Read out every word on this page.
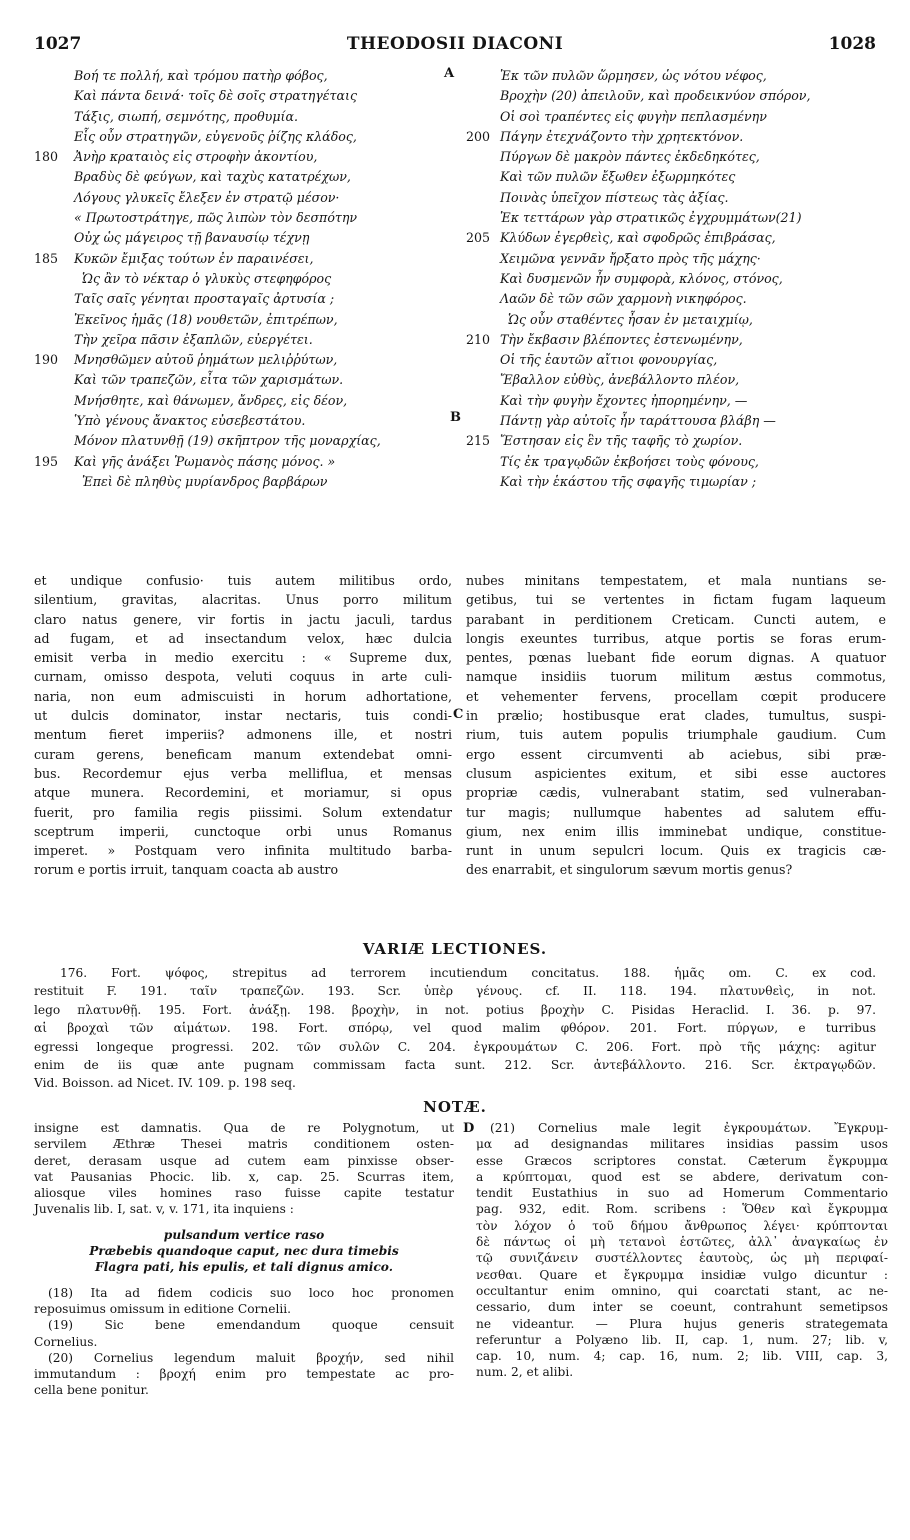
1027	THEODOSII DIACONI	1028
Βοή τε πολλή, καὶ τρόμου πατὴρ φόβος,
Καὶ πάντα δεινά· τοῖς δὲ σοῖς στρατηγέταις
Τάξις, σιωπή, σεμνότης, προθυμία.
Εἷς οὖν στρατηγῶν, εὐγενοῦς ῥίζης κλάδος,
180	Ἀνὴρ κραταιὸς εἰς στροφὴν ἀκοντίου,
Βραδὺς δὲ φεύγων, καὶ ταχὺς κατατρέχων,
Λόγους γλυκεῖς ἔλεξεν ἐν στρατῷ μέσον·
« Πρωτοστράτηγε, πῶς λιπὼν τὸν δεσπότην
Οὐχ ὡς μάγειρος τῇ βαναυσίῳ τέχνῃ
185	Κυκῶν ἔμιξας τούτων ἐν παραινέσει,
Ὡς ἂν τὸ νέκταρ ὁ γλυκὺς στεφηφόρος
Ταῖς σαῖς γένηται προσταγαῖς ἀρτυσία ;
Ἐκεῖνος ἡμᾶς (18) νουθετῶν, ἐπιτρέπων,
Τὴν χεῖρα πᾶσιν ἐξαπλῶν, εὐεργέτει.
190	Μνησθῶμεν αὐτοῦ ῥημάτων μελιῤῥύτων,
Καὶ τῶν τραπεζῶν, εἶτα τῶν χαρισμάτων.
Μνήσθητε, καὶ θάνωμεν, ἄνδρες, εἰς δέον,
Ὑπὸ γένους ἄνακτος εὐσεβεστάτου.
Μόνον πλατυνθῇ (19) σκῆπτρον τῆς μοναρχίας,
195	Καὶ γῆς ἀνάξει Ῥωμανὸς πάσης μόνος. »
Ἐπεὶ δὲ πληθὺς μυρίανδρος βαρβάρων
Ἐκ τῶν πυλῶν ὥρμησεν, ὡς νότου νέφος,
Βροχὴν (20) ἀπειλοῦν, καὶ προδεικνύον σπόρον,
Οἱ σοὶ τραπέντες εἰς φυγὴν πεπλασμένην
200 Πάγην ἐτεχνάζοντο τὴν χρητεκτόνον.
Πύργων δὲ μακρὸν πάντες ἐκδεδηκότες,
Καὶ τῶν πυλῶν ἔξωθεν ἐξωρμηκότες
Ποινὰς ὑπεῖχον πίστεως τὰς ἀξίας.
Ἐκ τεττάρων γὰρ στρατικῶς ἐγχρυμμάτων(21)
205 Κλύδων ἐγερθεὶς, καὶ σφοδρῶς ἐπιβράσας,
Χειμῶνα γεννᾶν ἤρξατο πρὸς τῆς μάχης·
Καὶ δυσμενῶν ἦν συμφορὰ, κλόνος, στόνος,
Λαῶν δὲ τῶν σῶν χαρμονὴ νικηφόρος.
Ὡς οὖν σταθέντες ἦσαν ἐν μεταιχμίῳ,
210 Τὴν ἔκβασιν βλέποντες ἐστενωμένην,
Οἱ τῆς ἑαυτῶν αἴτιοι φονουργίας,
Ἔβαλλον εὐθὺς, ἀνεβάλλοντο πλέον,
Καὶ τὴν φυγὴν ἔχοντες ἠπορημένην, —
Πάντῃ γὰρ αὐτοῖς ἦν ταράττουσα βλάβη —
215 Ἔστησαν εἰς ἓν τῆς ταφῆς τὸ χωρίον.
Τίς ἐκ τραγῳδῶν ἐκβοήσει τοὺς φόνους,
Καὶ τὴν ἑκάστου τῆς σφαγῆς τιμωρίαν ;
A
B
C
D
et undique confusio· tuis autem militibus ordo,
silentium, gravitas, alacritas. Unus porro militum
claro natus genere, vir fortis in jactu jaculi, tardus
ad fugam, et ad insectandum velox, hæc dulcia
emisit verba in medio exercitu : « Supreme dux,
curnam, omisso despota, veluti coquus in arte culi-
naria, non eum admiscuisti in horum adhortatione,
ut dulcis dominator, instar nectaris, tuis condi-
mentum fieret imperiis? admonens ille, et nostri
curam gerens, beneficam manum extendebat omni-
bus. Recordemur ejus verba melliflua, et mensas
atque munera. Recordemini, et moriamur, si opus
fuerit, pro familia regis piissimi. Solum extendatur
sceptrum imperii, cunctoque orbi unus Romanus
imperet. » Postquam vero infinita multitudo barba-
rorum e portis irruit, tanquam coacta ab austro
nubes minitans tempestatem, et mala nuntians se-
getibus, tui se vertentes in fictam fugam laqueum
parabant in perditionem Creticam. Cuncti autem, e
longis exeuntes turribus, atque portis se foras erum-
pentes, pœnas luebant fide eorum dignas. A quatuor
namque insidiis tuorum militum æstus commotus,
et vehementer fervens, procellam cœpit producere
in prælio; hostibusque erat clades, tumultus, suspi-
rium, tuis autem populis triumphale gaudium. Cum
ergo essent circumventi ab aciebus, sibi præ-
clusum aspicientes exitum, et sibi esse auctores
propriæ cædis, vulnerabant statim, sed vulneraban-
tur magis; nullumque habentes ad salutem effu-
gium, nex enim illis imminebat undique, constitue-
runt in unum sepulcri locum. Quis ex tragicis cæ-
des enarrabit, et singulorum sævum mortis genus?
VARIÆ LECTIONES.
176. Fort. ψόφος, strepitus ad terrorem incutiendum concitatus. 188. ἡμᾶς om. C. ex cod.
restituit F. 191. ταῖν τραπεζῶν. 193. Scr. ὑπὲρ γένους. cf. II. 118. 194. πλατυνθεὶς, in not.
lego πλατυνθῇ. 195. Fort. ἀνάξῃ. 198. βροχὴν, in not. potius βροχὴν C. Pisidas Heraclid. I. 36. p. 97.
αἱ βροχαὶ τῶν αἱμάτων. 198. Fort. σπόρῳ, vel quod malim φθόρον. 201. Fort. πύργων, e turribus
egressi longeque progressi. 202. τῶν συλῶν C. 204. ἐγκρουμάτων C. 206. Fort. πρὸ τῆς μάχης: agitur
enim de iis quæ ante pugnam commissam facta sunt. 212. Scr. ἀντεβάλλοντο. 216. Scr. ἐκτραγῳδῶν.
Vid. Boisson. ad Nicet. IV. 109. p. 198 seq.
NOTÆ.
insigne est damnatis. Qua de re Polygnotum, ut
servilem Æthræ Thesei matris conditionem osten-
deret, derasam usque ad cutem eam pinxisse obser-
vat Pausanias Phocic. lib. x, cap. 25. Scurras item,
aliosque viles homines raso fuisse capite testatur
Juvenalis lib. I, sat. v, v. 171, ita inquiens :
pulsandum vertice raso
Præbebis quandoque caput, nec dura timebis
Flagra pati, his epulis, et tali dignus amico.
(18) Ita ad fidem codicis suo loco hoc pronomen
reposuimus omissum in editione Cornelii.
(19) Sic bene emendandum quoque censuit
Cornelius.
(20) Cornelius legendum maluit βροχήν, sed nihil
immutandum : βροχή enim pro tempestate ac pro-
cella bene ponitur.
(21) Cornelius male legit ἐγκρουμάτων. Ἔγκρυμ-
μα ad designandas militares insidias passim usos
esse Græcos scriptores constat. Cæterum ἔγκρυμμα
a κρύπτομαι, quod est se abdere, derivatum con-
tendit Eustathius in suo ad Homerum Commentario
pag. 932, edit. Rom. scribens : Ὅθεν καὶ ἔγκρυμμα
τὸν λόχον ὁ τοῦ δήμου ἄνθρωπος λέγει· κρύπτονται
δὲ πάντως οἱ μὴ τετανοὶ ἑστῶτες, ἀλλ᾽ ἀναγκαίως ἐν
τῷ συνιζάνειν συστέλλοντες ἑαυτοὺς, ὡς μὴ περιφαί-
νεσθαι. Quare et ἔγκρυμμα insidiæ vulgo dicuntur :
occultantur enim omnino, qui coarctati stant, ac ne-
cessario, dum inter se coeunt, contrahunt semetipsos
ne videantur. — Plura hujus generis strategemata
referuntur a Polyæno lib. II, cap. 1, num. 27; lib. v,
cap. 10, num. 4; cap. 16, num. 2; lib. VIII, cap. 3,
num. 2, et alibi.
